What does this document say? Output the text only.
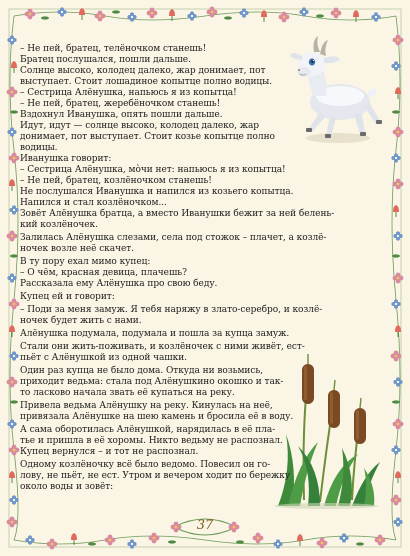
– Не пей, братец, телёночком станешь!
Братец послушался, пошли дальше.
Солнце высоко, колодец далеко, жар донимает, пот
выступает. Стоит лошадиное копытце полно водицы.
– Сестрица Алёнушка, напьюсь я из копытца!
– Не пей, братец, жеребёночком станешь!
Вздохнул Иванушка, опять пошли дальше.
Идут, идут — солнце высоко, колодец далеко, жар
донимает, пот выступает. Стоит козье копытце полно
водицы.
Иванушка говорит:
– Сестрица Алёнушка, мо̀чи нет: напьюсь я из копытца!
– Не пей, братец, козлёночком станешь!
Не послушался Иванушка и напился из козьего копытца.
Напился и стал козлёночком...
Зовёт Алёнушка братца, а вместо Иванушки бежит за ней белень-
кий козлёночек.
Залилась Алёнушка слезами, села под стожок – плачет, а козлё-
ночек возле неё скачет.
В ту пору ехал мимо купец:
– О чём, красная девица, плачешь?
Рассказала ему Алёнушка про свою беду.
Купец ей и говорит:
– Поди за меня замуж. Я тебя наряжу в злато-серебро, и козлё-
ночек будет жить с нами.
Алёнушка подумала, подумала и пошла за купца замуж.
Стали они жить-поживать, и козлёночек с ними живёт, ест-
пьёт с Алёнушкой из одной чашки.
Один раз купца не было дома. Откуда ни возьмись,
приходит ведьма: стала под Алёнушкино окошко и так-
то ласково начала звать её купаться на реку.
Привела ведьма Алёнушку на реку. Кинулась на неё,
привязала Алёнушке на шею камень и бросила её в воду.
А сама оборотилась Алёнушкой, нарядилась в её пла-
тье и пришла в её хоромы. Никто ведьму не распознал.
Купец вернулся – и тот не распознал.
Одному козлёночку всё было ведомо. Повесил он го-
лову, не пьёт, не ест. Утром и вечером ходит по бережку
около воды и зовёт:
37
